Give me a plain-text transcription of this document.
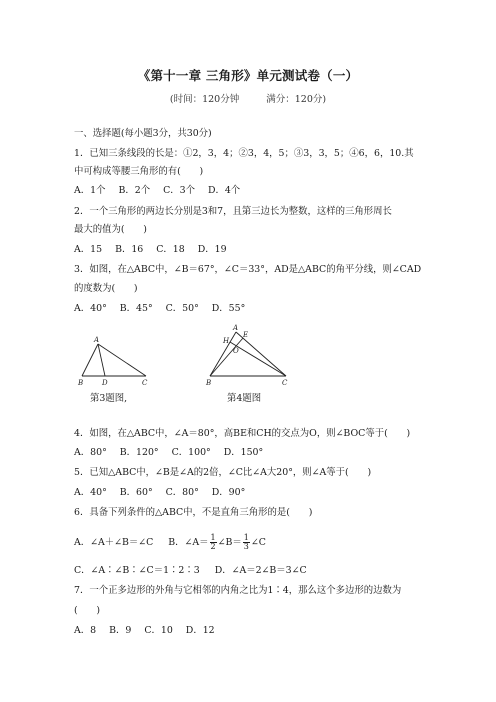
《第十一章 三角形》单元测试卷（一）
(时间：120分钟	满分：120分)
一、选择题(每小题3分，共30分)
1．已知三条线段的长是：①2，3，4；②3，4，5；③3，3，5；④6，6，10.其
中可构成等腰三角形的有(　　)
A．1个 B．2个 C．3个 D．4个
2．一个三角形的两边长分别是3和7，且第三边长为整数，这样的三角形周长
最大的值为(　　)
A．15 B．16 C．18 D．19
3．如图，在△ABC中，∠B＝67°，∠C＝33°，AD是△ABC的角平分线，则∠CAD
的度数为(　　)
A．40° B．45° C．50° D．55°
A
B	D	C
A
E
H
O
B	C
第3题图,	第4题图
4．如图，在△ABC中，∠A＝80°，高BE和CH的交点为O，则∠BOC等于(　　)
A．80° B．120° C．100° D．150°
5．已知△ABC中，∠B是∠A的2倍，∠C比∠A大20°，则∠A等于(　　)
A．40° B．60° C．80° D．90°
6．具备下列条件的△ABC中，不是直角三角形的是(　　)
A．∠A＋∠B＝∠C B．∠A＝ $\frac{1}{2}$ ∠B＝ $\frac{1}{3}$ ∠C
C．∠A∶∠B∶∠C＝1∶2∶3 D．∠A＝2∠B＝3∠C
7．一个正多边形的外角与它相邻的内角之比为1∶4，那么这个多边形的边数为
(　　)
A．8 B．9 C．10 D．12
